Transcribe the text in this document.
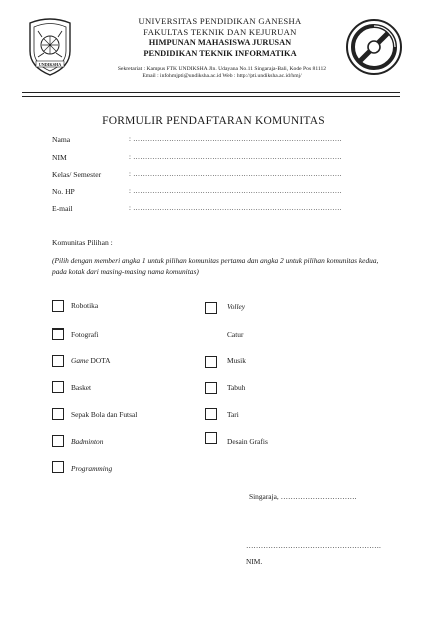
UNDIKSHA
UNIVERSITAS PENDIDIKAN GANESHA
FAKULTAS TEKNIK DAN KEJURUAN
HIMPUNAN MAHASISWA JURUSAN
PENDIDIKAN TEKNIK INFORMATIKA
Sekretariat : Kampus FTK UNDIKSHA Jln. Udayana No.11 Singaraja-Bali, Kode Pos 81112
Email : infohmjpti@undiksha.ac.id Web : http://pti.undiksha.ac.id/hmj/
FORMULIR PENDAFTARAN KOMUNITAS
Nama	: ……………………………………………………………………………
NIM	: ……………………………………………………………………………
Kelas/ Semester	: ……………………………………………………………………………
No. HP	: ……………………………………………………………………………
E-mail	: ……………………………………………………………………………
Komunitas Pilihan :
(Pilih dengan memberi angka 1 untuk pilihan komunitas pertama dan angka 2 untuk pilihan komunitas kedua, pada kotak dari masing-masing nama komunitas)
Robotika
Fotografi
Game DOTA
Basket
Sepak Bola dan Futsal
Badminton
Programming
Volley
Catur
Musik
Tabuh
Tari
Desain Grafis
Singaraja, ………………………….
……………………………………………….
NIM.
